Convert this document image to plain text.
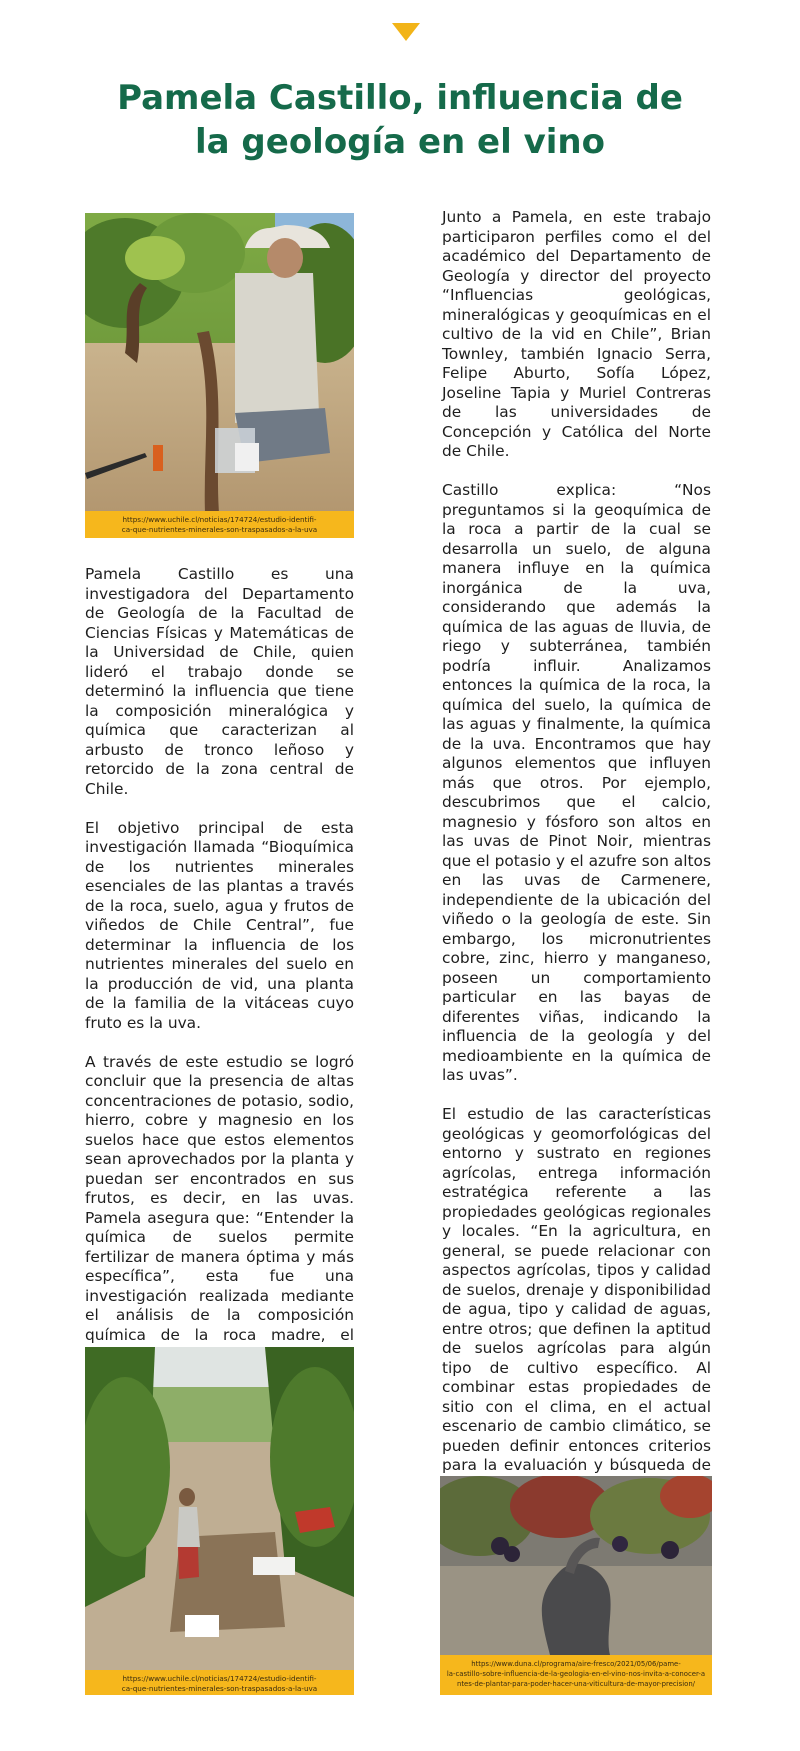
Pamela Castillo, influencia de
la geología en el vino
https://www.uchile.cl/noticias/174724/estudio-identifi-
ca-que-nutrientes-minerales-son-traspasados-a-la-uva

Pamela Castillo es una investigadora del Departamento de Geología de la Facultad de Ciencias Físicas y Matemáticas de la Universidad de Chile, quien lideró el trabajo donde se determinó la influencia que tiene la composición mineralógica y química que caracterizan al arbusto de tronco leñoso y retorcido de la zona central de Chile.

El objetivo principal de esta investigación llamada “Bioquímica de los nutrientes minerales esenciales de las plantas a través de la roca, suelo, agua y frutos de viñedos de Chile Central”, fue determinar la influencia de los nutrientes minerales del suelo en la producción de vid, una planta de la familia de la vitáceas cuyo fruto es la uva.

A través de este estudio se logró concluir que la presencia de altas concentraciones de potasio, sodio, hierro, cobre y magnesio en los suelos hace que estos elementos sean aprovechados por la planta y puedan ser encontrados en sus frutos, es decir, en las uvas. Pamela asegura que: “Entender la química de suelos permite fertilizar de manera óptima y más específica”, esta fue una investigación realizada mediante el análisis de la composición química de la roca madre, el

https://www.uchile.cl/noticias/174724/estudio-identifi-
ca-que-nutrientes-minerales-son-traspasados-a-la-uva

Junto a Pamela, en este trabajo participaron perfiles como el del académico del Departamento de Geología y director del proyecto “Influencias geológicas, mineralógicas y geoquímicas en el cultivo de la vid en Chile”, Brian Townley, también Ignacio Serra, Felipe Aburto, Sofía López, Joseline Tapia y Muriel Contreras de las universidades de Concepción y Católica del Norte de Chile.

Castillo explica: “Nos preguntamos si la geoquímica de la roca a partir de la cual se desarrolla un suelo, de alguna manera influye en la química inorgánica de la uva, considerando que además la química de las aguas de lluvia, de riego y subterránea, también podría influir. Analizamos entonces la química de la roca, la química del suelo, la química de las aguas y finalmente, la química de la uva. Encontramos que hay algunos elementos que influyen más que otros. Por ejemplo, descubrimos que el calcio, magnesio y fósforo son altos en las uvas de Pinot Noir, mientras que el potasio y el azufre son altos en las uvas de Carmenere, independiente de la ubicación del viñedo o la geología de este. Sin embargo, los micronutrientes cobre, zinc, hierro y manganeso, poseen un comportamiento particular en las bayas de diferentes viñas, indicando la influencia de la geología y del medioambiente en la química de las uvas”.

El estudio de las características geológicas y geomorfológicas del entorno y sustrato en regiones agrícolas, entrega información estratégica referente a las propiedades geológicas regionales y locales. “En la agricultura, en general, se puede relacionar con aspectos agrícolas, tipos y calidad de suelos, drenaje y disponibilidad de agua, tipo y calidad de aguas, entre otros; que definen la aptitud de suelos agrícolas para algún tipo de cultivo específico. Al combinar estas propiedades de sitio con el clima, en el actual escenario de cambio climático, se pueden definir entonces criterios para la evaluación y búsqueda de

https://www.duna.cl/programa/aire-fresco/2021/05/06/pame-
la-castillo-sobre-influencia-de-la-geologia-en-el-vino-nos-invita-a-conocer-a
ntes-de-plantar-para-poder-hacer-una-viticultura-de-mayor-precision/
